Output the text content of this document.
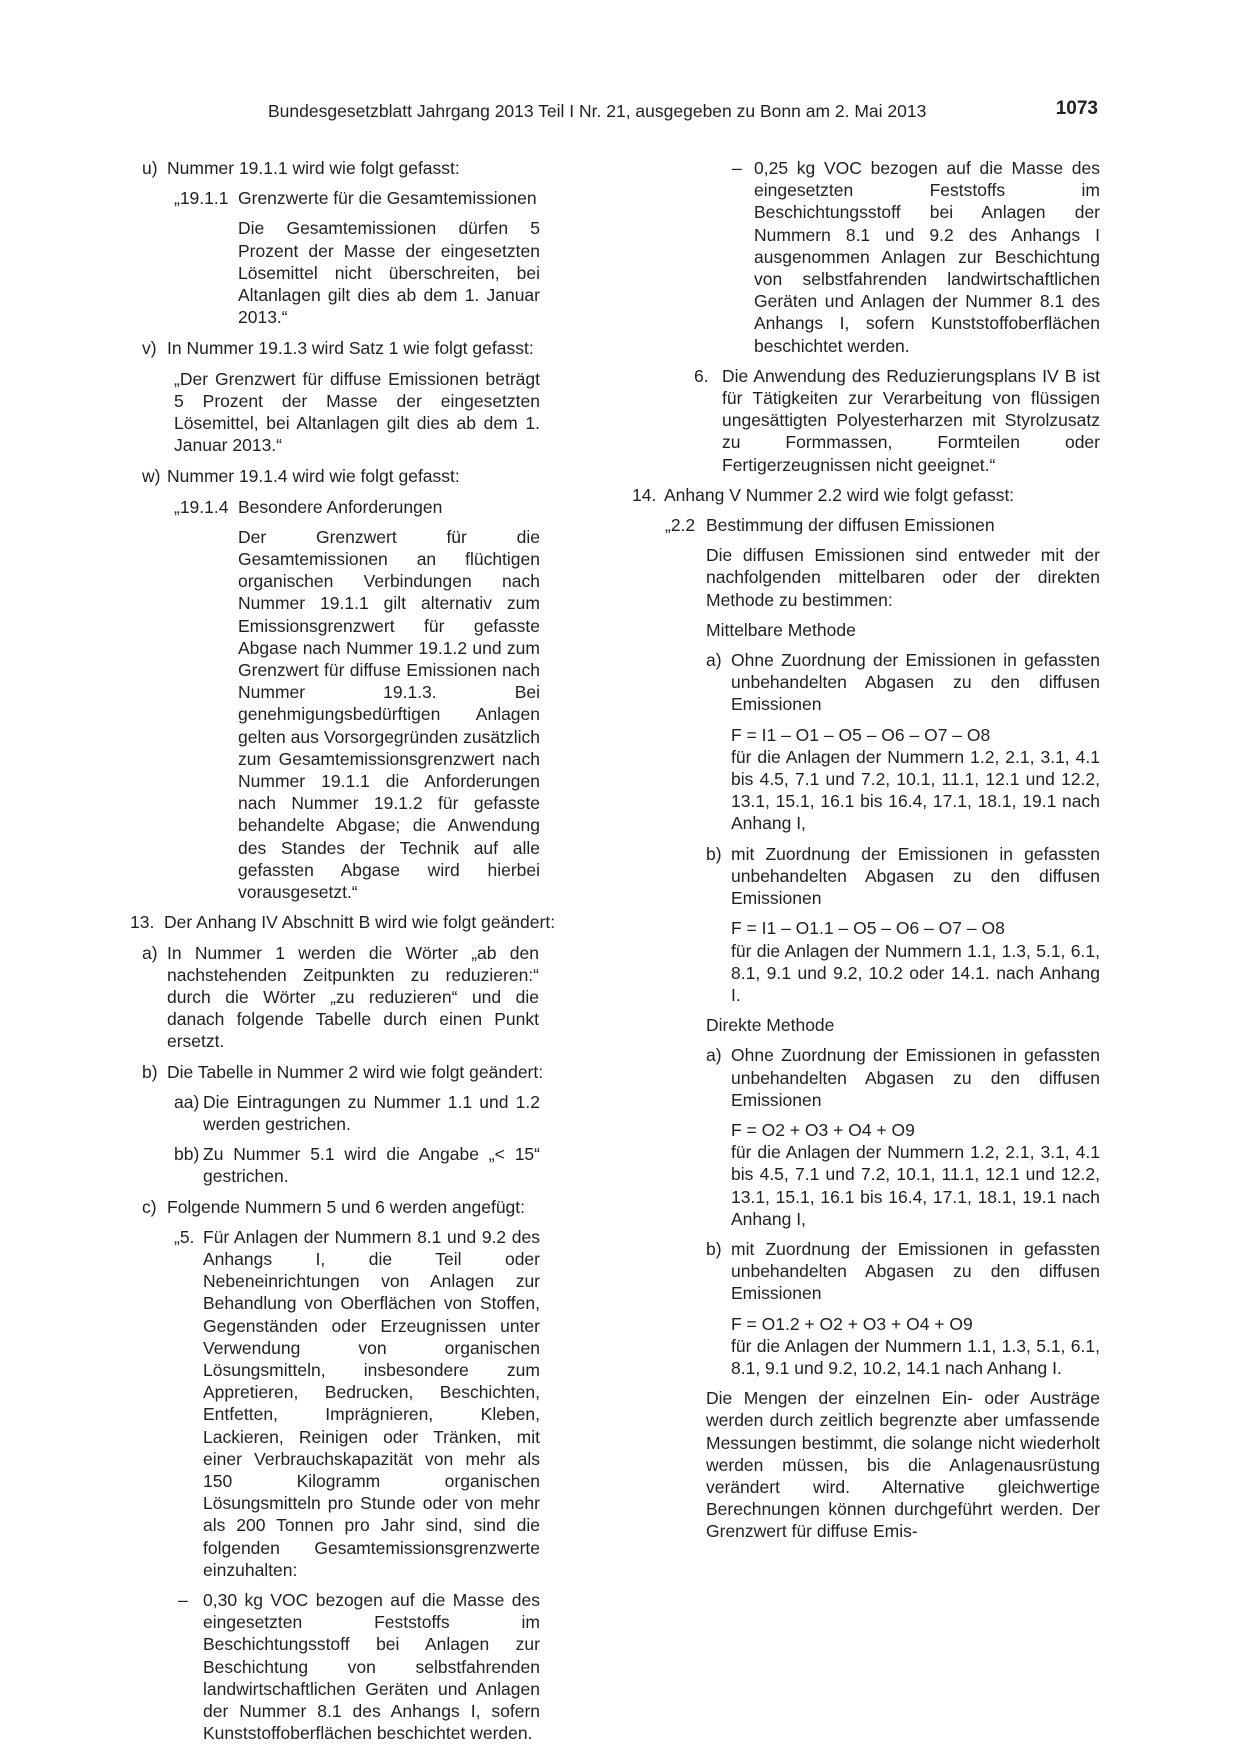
Bundesgesetzblatt Jahrgang 2013 Teil I Nr. 21, ausgegeben zu Bonn am 2. Mai 2013	1073
u) Nummer 19.1.1 wird wie folgt gefasst:
„19.1.1 Grenzwerte für die Gesamtemissionen

Die Gesamtemissionen dürfen 5 Prozent der Masse der eingesetzten Lösemittel nicht überschreiten, bei Altanlagen gilt dies ab dem 1. Januar 2013.“

v) In Nummer 19.1.3 wird Satz 1 wie folgt gefasst:

„Der Grenzwert für diffuse Emissionen beträgt 5 Prozent der Masse der eingesetzten Lösemittel, bei Altanlagen gilt dies ab dem 1. Januar 2013.“

w) Nummer 19.1.4 wird wie folgt gefasst:
„19.1.4 Besondere Anforderungen

Der Grenzwert für die Gesamtemissionen an flüchtigen organischen Verbindungen nach Nummer 19.1.1 gilt alternativ zum Emissionsgrenzwert für gefasste Abgase nach Nummer 19.1.2 und zum Grenzwert für diffuse Emissionen nach Nummer 19.1.3. Bei genehmigungsbedürftigen Anlagen gelten aus Vorsorgegründen zusätzlich zum Gesamtemissionsgrenzwert nach Nummer 19.1.1 die Anforderungen nach Nummer 19.1.2 für gefasste behandelte Abgase; die Anwendung des Standes der Technik auf alle gefassten Abgase wird hierbei vorausgesetzt.“

13. Der Anhang IV Abschnitt B wird wie folgt geändert:
a) In Nummer 1 werden die Wörter „ab den nachstehenden Zeitpunkten zu reduzieren:“ durch die Wörter „zu reduzieren“ und die danach folgende Tabelle durch einen Punkt ersetzt.
b) Die Tabelle in Nummer 2 wird wie folgt geändert:
aa) Die Eintragungen zu Nummer 1.1 und 1.2 werden gestrichen.
bb) Zu Nummer 5.1 wird die Angabe „< 15“ gestrichen.
c) Folgende Nummern 5 und 6 werden angefügt:
„5. Für Anlagen der Nummern 8.1 und 9.2 des Anhangs I, die Teil oder Nebeneinrichtungen von Anlagen zur Behandlung von Oberflächen von Stoffen, Gegenständen oder Erzeugnissen unter Verwendung von organischen Lösungsmitteln, insbesondere zum Appretieren, Bedrucken, Beschichten, Entfetten, Imprägnieren, Kleben, Lackieren, Reinigen oder Tränken, mit einer Verbrauchskapazität von mehr als 150 Kilogramm organischen Lösungsmitteln pro Stunde oder von mehr als 200 Tonnen pro Jahr sind, sind die folgenden Gesamtemissionsgrenzwerte einzuhalten:
– 0,30 kg VOC bezogen auf die Masse des eingesetzten Feststoffs im Beschichtungsstoff bei Anlagen zur Beschichtung von selbstfahrenden landwirtschaftlichen Geräten und Anlagen der Nummer 8.1 des Anhangs I, sofern Kunststoffoberflächen beschichtet werden.
– 0,25 kg VOC bezogen auf die Masse des eingesetzten Feststoffs im Beschichtungsstoff bei Anlagen der Nummern 8.1 und 9.2 des Anhangs I ausgenommen Anlagen zur Beschichtung von selbstfahrenden landwirtschaftlichen Geräten und Anlagen der Nummer 8.1 des Anhangs I, sofern Kunststoffoberflächen beschichtet werden.
6. Die Anwendung des Reduzierungsplans IV B ist für Tätigkeiten zur Verarbeitung von flüssigen ungesättigten Polyesterharzen mit Styrolzusatz zu Formmassen, Formteilen oder Fertigerzeugnissen nicht geeignet.“
14. Anhang V Nummer 2.2 wird wie folgt gefasst:
„2.2 Bestimmung der diffusen Emissionen

Die diffusen Emissionen sind entweder mit der nachfolgenden mittelbaren oder der direkten Methode zu bestimmen:

Mittelbare Methode

a) Ohne Zuordnung der Emissionen in gefassten unbehandelten Abgasen zu den diffusen Emissionen

F = I1 – O1 – O5 – O6 – O7 – O8

für die Anlagen der Nummern 1.2, 2.1, 3.1, 4.1 bis 4.5, 7.1 und 7.2, 10.1, 11.1, 12.1 und 12.2, 13.1, 15.1, 16.1 bis 16.4, 17.1, 18.1, 19.1 nach Anhang I,

b) mit Zuordnung der Emissionen in gefassten unbehandelten Abgasen zu den diffusen Emissionen

F = I1 – O1.1 – O5 – O6 – O7 – O8

für die Anlagen der Nummern 1.1, 1.3, 5.1, 6.1, 8.1, 9.1 und 9.2, 10.2 oder 14.1. nach Anhang I.

Direkte Methode

a) Ohne Zuordnung der Emissionen in gefassten unbehandelten Abgasen zu den diffusen Emissionen

F = O2 + O3 + O4 + O9

für die Anlagen der Nummern 1.2, 2.1, 3.1, 4.1 bis 4.5, 7.1 und 7.2, 10.1, 11.1, 12.1 und 12.2, 13.1, 15.1, 16.1 bis 16.4, 17.1, 18.1, 19.1 nach Anhang I,

b) mit Zuordnung der Emissionen in gefassten unbehandelten Abgasen zu den diffusen Emissionen

F = O1.2 + O2 + O3 + O4 + O9

für die Anlagen der Nummern 1.1, 1.3, 5.1, 6.1, 8.1, 9.1 und 9.2, 10.2, 14.1 nach Anhang I.

Die Mengen der einzelnen Ein- oder Austräge werden durch zeitlich begrenzte aber umfassende Messungen bestimmt, die solange nicht wiederholt werden müssen, bis die Anlagenausrüstung verändert wird. Alternative gleichwertige Berechnungen können durchgeführt werden. Der Grenzwert für diffuse Emis-
